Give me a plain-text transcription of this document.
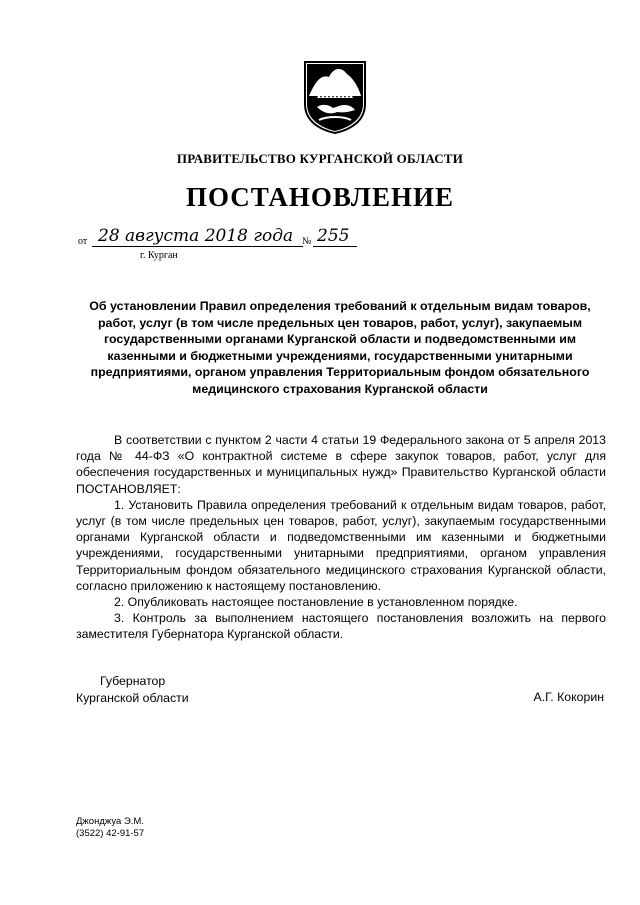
ПРАВИТЕЛЬСТВО КУРГАНСКОЙ ОБЛАСТИ
ПОСТАНОВЛЕНИЕ
от 28 августа 2018 года № 255
г. Курган
Об установлении Правил определения требований к отдельным видам товаров, работ, услуг (в том числе предельных цен товаров, работ, услуг), закупаемым государственными органами Курганской области и подведомственными им казенными и бюджетными учреждениями, государственными унитарными предприятиями, органом управления Территориальным фондом обязательного медицинского страхования Курганской области

В соответствии с пунктом 2 части 4 статьи 19 Федерального закона от 5 апреля 2013 года № 44-ФЗ «О контрактной системе в сфере закупок товаров, работ, услуг для обеспечения государственных и муниципальных нужд» Правительство Курганской области ПОСТАНОВЛЯЕТ:

1. Установить Правила определения требований к отдельным видам товаров, работ, услуг (в том числе предельных цен товаров, работ, услуг), закупаемым государственными органами Курганской области и подведомственными им казенными и бюджетными учреждениями, государственными унитарными предприятиями, органом управления Территориальным фондом обязательного медицинского страхования Курганской области, согласно приложению к настоящему постановлению.

2. Опубликовать настоящее постановление в установленном порядке.

3. Контроль за выполнением настоящего постановления возложить на первого заместителя Губернатора Курганской области.

Губернатор
Курганской области	А.Г. Кокорин
Джонджуа Э.М.
(3522) 42-91-57
